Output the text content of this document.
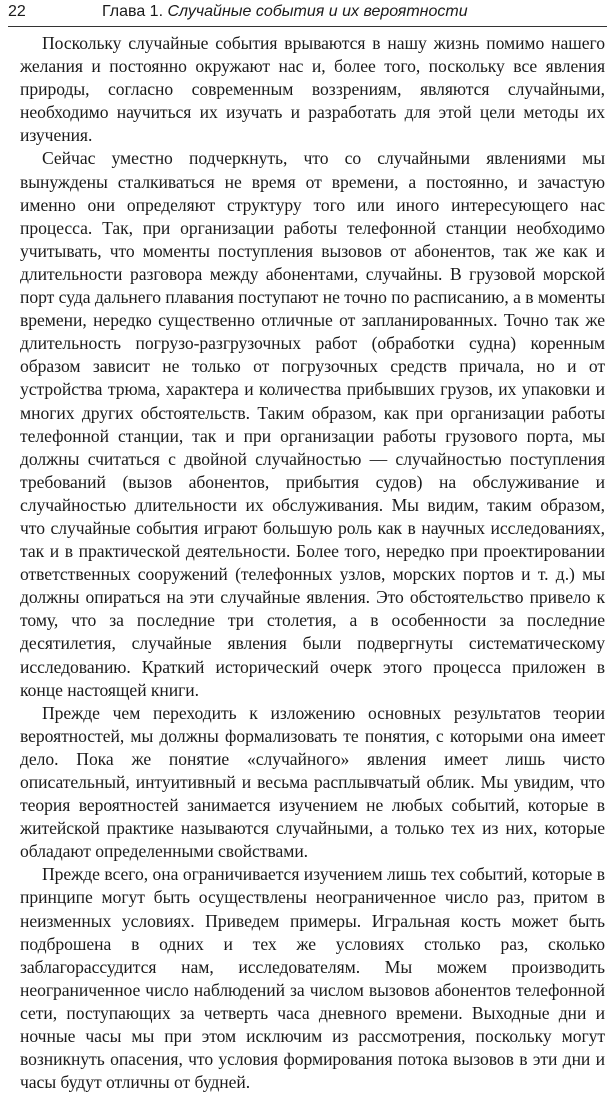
22	Глава 1. Случайные события и их вероятности

Поскольку случайные события врываются в нашу жизнь помимо нашего желания и постоянно окружают нас и, более того, поскольку все явления природы, согласно современным воззрениям, являются случайными, необходимо научиться их изучать и разработать для этой цели методы их изучения.

Сейчас уместно подчеркнуть, что со случайными явлениями мы вынуждены сталкиваться не время от времени, а постоянно, и зачастую именно они определяют структуру того или иного интересующего нас процесса. Так, при организации работы телефонной станции необходимо учитывать, что моменты поступления вызовов от абонентов, так же как и длительности разговора между абонентами, случайны. В грузовой морской порт суда дальнего плавания поступают не точно по расписанию, а в моменты времени, нередко существенно отличные от запланированных. Точно так же длительность погрузо-разгрузочных работ (обработки судна) коренным образом зависит не только от погрузочных средств причала, но и от устройства трюма, характера и количества прибывших грузов, их упаковки и многих других обстоятельств. Таким образом, как при организации работы телефонной станции, так и при организации работы грузового порта, мы должны считаться с двойной случайностью — случайностью поступления требований (вызов абонентов, прибытия судов) на обслуживание и случайностью длительности их обслуживания. Мы видим, таким образом, что случайные события играют большую роль как в научных исследованиях, так и в практической деятельности. Более того, нередко при проектировании ответственных сооружений (телефонных узлов, морских портов и т. д.) мы должны опираться на эти случайные явления. Это обстоятельство привело к тому, что за последние три столетия, а в особенности за последние десятилетия, случайные явления были подвергнуты систематическому исследованию. Краткий исторический очерк этого процесса приложен в конце настоящей книги.

Прежде чем переходить к изложению основных результатов теории вероятностей, мы должны формализовать те понятия, с которыми она имеет дело. Пока же понятие «случайного» явления имеет лишь чисто описательный, интуитивный и весьма расплывчатый облик. Мы увидим, что теория вероятностей занимается изучением не любых событий, которые в житейской практике называются случайными, а только тех из них, которые обладают определенными свойствами.

Прежде всего, она ограничивается изучением лишь тех событий, которые в принципе могут быть осуществлены неограниченное число раз, притом в неизменных условиях. Приведем примеры. Игральная кость может быть подброшена в одних и тех же условиях столько раз, сколько заблагорассудится нам, исследователям. Мы можем производить неограниченное число наблюдений за числом вызовов абонентов телефонной сети, поступающих за четверть часа дневного времени. Выходные дни и ночные часы мы при этом исключим из рассмотрения, поскольку могут возникнуть опасения, что условия формирования потока вызовов в эти дни и часы будут отличны от будней.
